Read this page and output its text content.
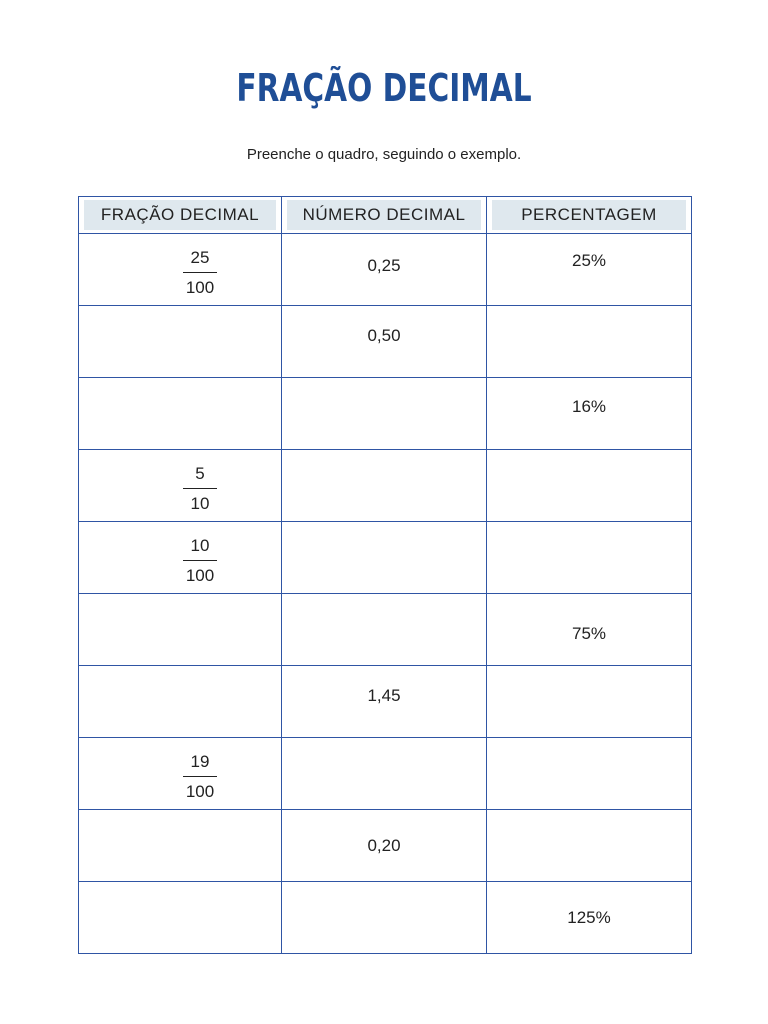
FRAÇÃO DECIMAL
Preenche o quadro, seguindo o exemplo.
FRAÇÃO DECIMAL	NÚMERO DECIMAL	PERCENTAGEM

$\frac{25}{100}$	0,25	25%

	0,50	

		16%

$\frac{5}{10}$

$\frac{10}{100}$

		75%

	1,45	

$\frac{19}{100}$

	0,20	

		125%
